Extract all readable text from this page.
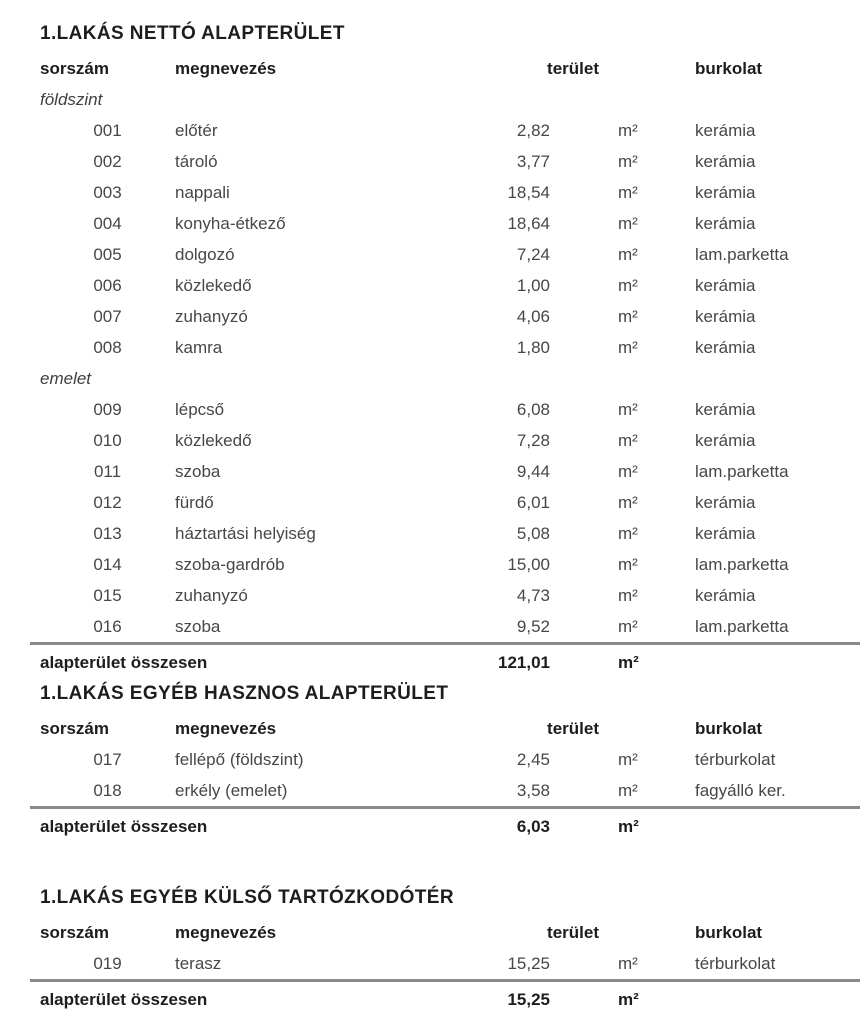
1.LAKÁS NETTÓ ALAPTERÜLET
sorszám	megnevezés	terület	burkolat
földszint
001	előtér	2,82	m²	kerámia
002	tároló	3,77	m²	kerámia
003	nappali	18,54	m²	kerámia
004	konyha-étkező	18,64	m²	kerámia
005	dolgozó	7,24	m²	lam.parketta
006	közlekedő	1,00	m²	kerámia
007	zuhanyzó	4,06	m²	kerámia
008	kamra	1,80	m²	kerámia
emelet
009	lépcső	6,08	m²	kerámia
010	közlekedő	7,28	m²	kerámia
011	szoba	9,44	m²	lam.parketta
012	fürdő	6,01	m²	kerámia
013	háztartási helyiség	5,08	m²	kerámia
014	szoba-gardrób	15,00	m²	lam.parketta
015	zuhanyzó	4,73	m²	kerámia
016	szoba	9,52	m²	lam.parketta
alapterület összesen	121,01	m²
1.LAKÁS EGYÉB HASZNOS ALAPTERÜLET
sorszám	megnevezés	terület	burkolat
017	fellépő (földszint)	2,45	m²	térburkolat
018	erkély (emelet)	3,58	m²	fagyálló ker.
alapterület összesen	6,03	m²
1.LAKÁS EGYÉB KÜLSŐ TARTÓZKODÓTÉR
sorszám	megnevezés	terület	burkolat
019	terasz	15,25	m²	térburkolat
alapterület összesen	15,25	m²
